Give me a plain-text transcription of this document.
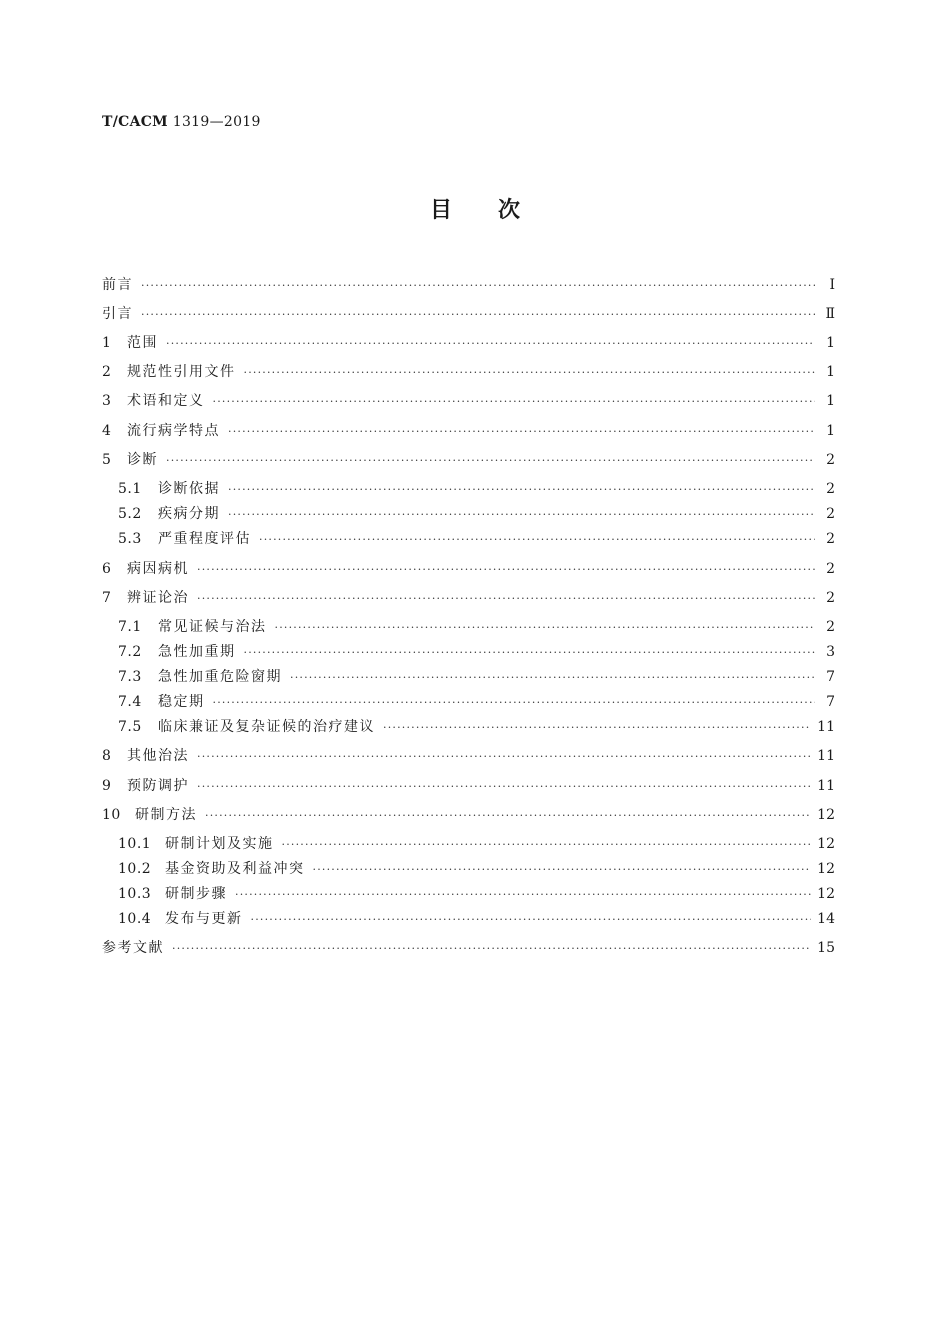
T/CACM 1319—2019
目次
前言 ·····	Ⅰ
引言 ·····	Ⅱ
1	范围 ·····	1
2	规范性引用文件 ·····	1
3	术语和定义 ·····	1
4	流行病学特点 ·····	1
5	诊断 ·····	2
5.1	诊断依据 ·····	2
5.2	疾病分期 ·····	2
5.3	严重程度评估 ·····	2
6	病因病机 ·····	2
7	辨证论治 ·····	2
7.1	常见证候与治法 ·····	2
7.2	急性加重期 ·····	3
7.3	急性加重危险窗期 ·····	7
7.4	稳定期 ·····	7
7.5	临床兼证及复杂证候的治疗建议 ·····	11
8	其他治法 ·····	11
9	预防调护 ·····	11
10	研制方法 ·····	12
10.1 研制计划及实施 ·····	12
10.2 基金资助及利益冲突 ·····	12
10.3 研制步骤 ·····	12
10.4 发布与更新 ·····	14
参考文献 ·····	15
